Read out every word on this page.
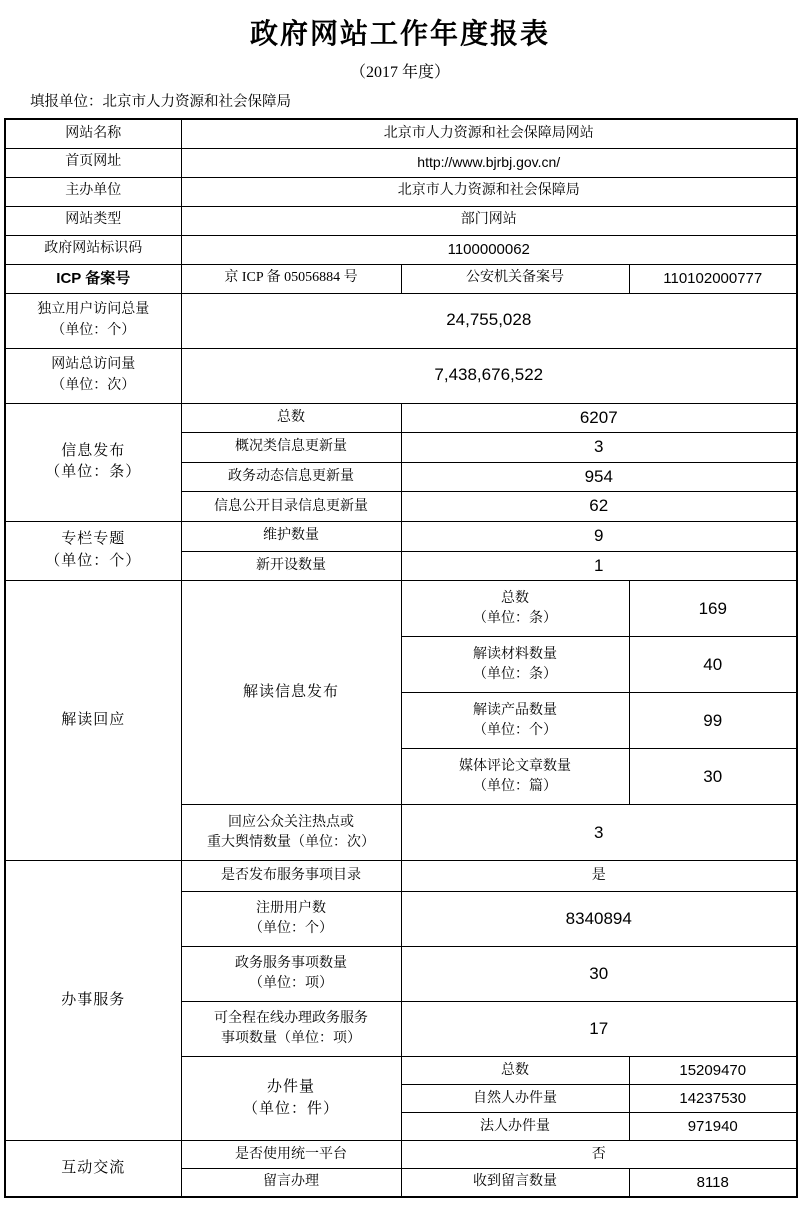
政府网站工作年度报表
（2017 年度）
填报单位：北京市人力资源和社会保障局
网站名称	北京市人力资源和社会保障局网站		
首页网址	http://www.bjrbj.gov.cn/		
主办单位	北京市人力资源和社会保障局		
网站类型	部门网站		
政府网站标识码	1100000062		
ICP 备案号	京 ICP 备 05056884 号	公安机关备案号	110102000777

独立用户访问总量
（单位：个）	24,755,028		

网站总访问量
（单位：次）	7,438,676,522		

信息发布
（单位：条）	总数	6207	
	概况类信息更新量	3	
	政务动态信息更新量	954	
	信息公开目录信息更新量	62	

专栏专题
（单位：个）	维护数量	9	
	新开设数量	1	
解读回应	解读信息发布	总数
（单位：条）	169

		解读材料数量
（单位：条）	40

		解读产品数量
（单位：个）	99

		媒体评论文章数量
（单位：篇）	30

	回应公众关注热点或
重大舆情数量（单位：次）	3	
办事服务	是否发布服务事项目录	是	

	注册用户数
（单位：个）	8340894	

	政务服务事项数量
（单位：项）	30	

	可全程在线办理政务服务
事项数量（单位：项）	17	

	办件量
（单位：件）	总数	15209470
		自然人办件量	14237530
		法人办件量	971940
互动交流	是否使用统一平台	否	
	留言办理	收到留言数量	8118
